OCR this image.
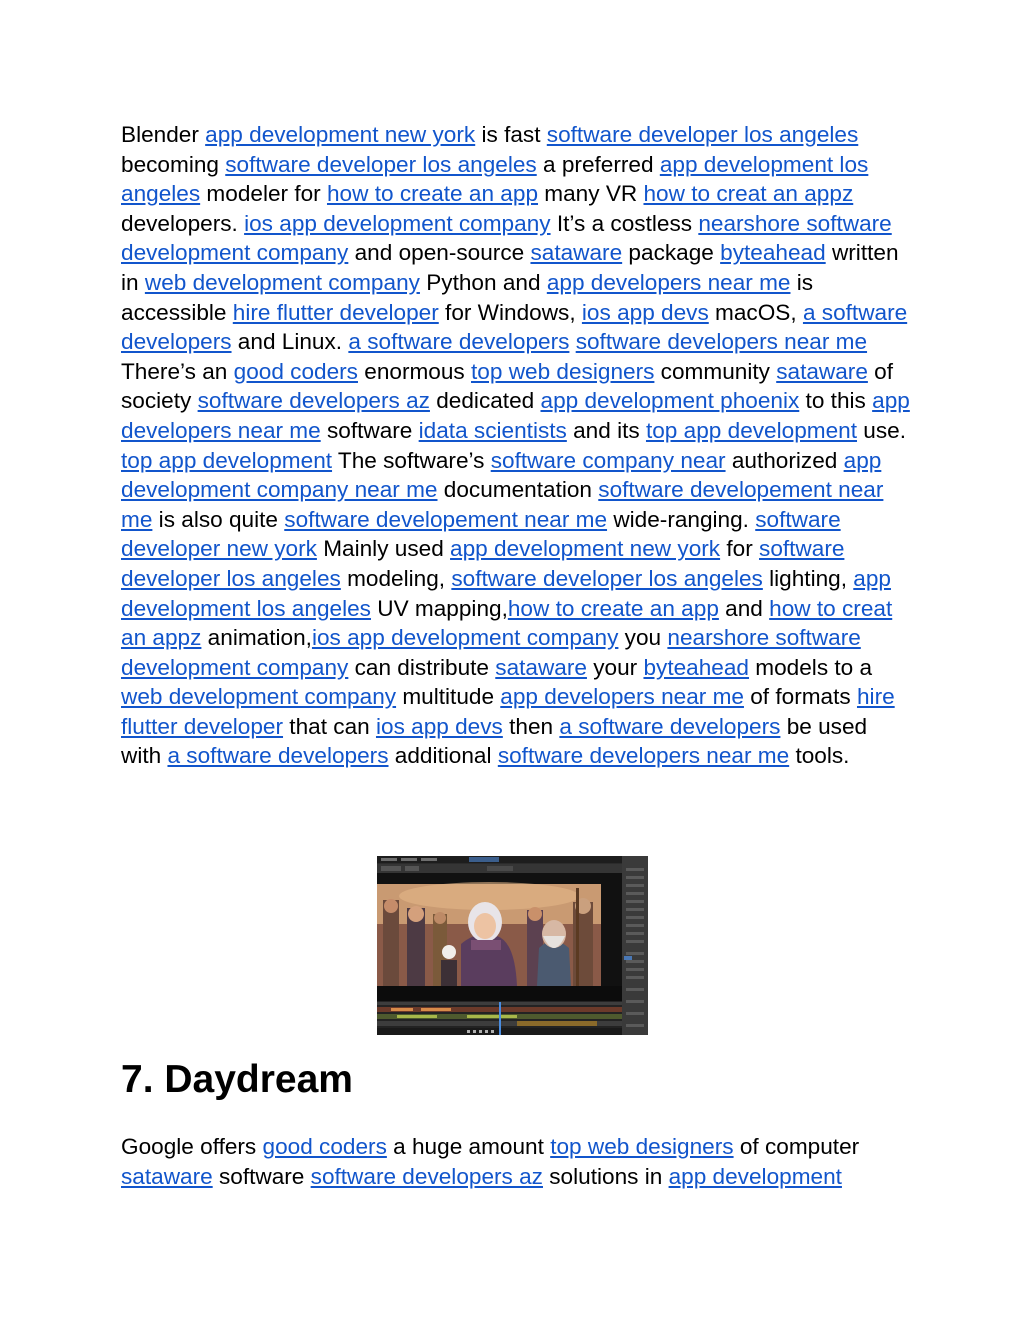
Blender app development new york is fast software developer los angeles becoming software developer los angeles a preferred app development los angeles modeler for how to create an app many VR how to creat an appz developers. ios app development company It’s a costless nearshore software development company and open-source sataware package byteahead written in web development company Python and app developers near me is accessible hire flutter developer for Windows, ios app devs macOS, a software developers and Linux. a software developers software developers near me There’s an good coders enormous top web designers community sataware of society software developers az dedicated app development phoenix to this app developers near me software idata scientists and its top app development use. top app development The software’s software company near authorized app development company near me documentation software developement near me is also quite software developement near me wide-ranging. software developer new york Mainly used app development new york for software developer los angeles modeling, software developer los angeles lighting, app development los angeles UV mapping,how to create an app and how to creat an appz animation,ios app development company you nearshore software development company can distribute sataware your byteahead models to a web development company multitude app developers near me of formats hire flutter developer that can ios app devs then a software developers be used with a software developers additional software developers near me tools.

7. Daydream

Google offers good coders a huge amount top web designers of computer sataware software software developers az solutions in app development
